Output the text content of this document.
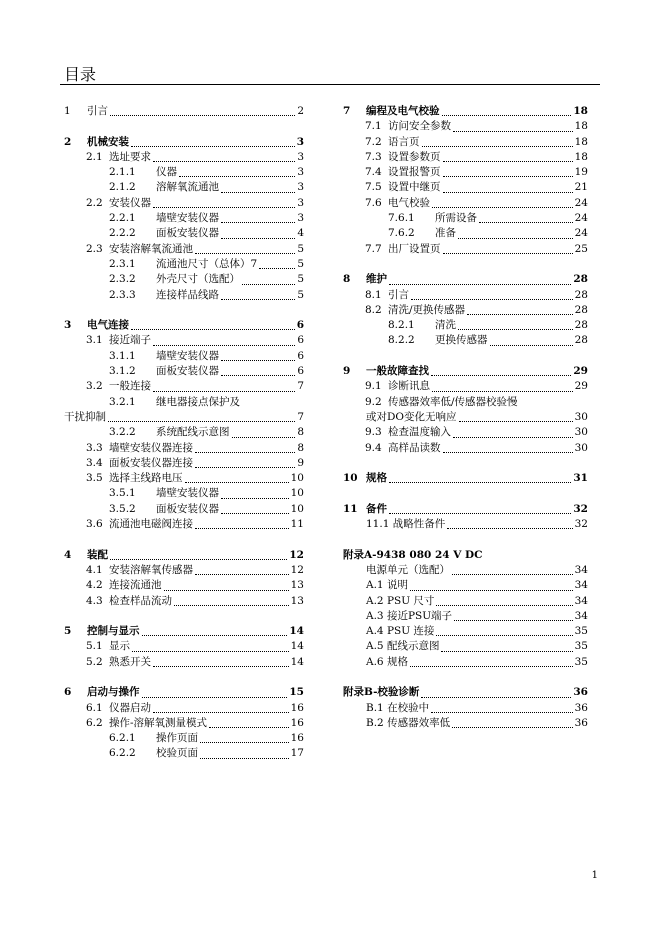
目录
1 引言	2
2 机械安装	3
2.1 选址要求	3
2.1.1 仪器	3
2.1.2 溶解氧流通池	3
2.2 安装仪器	3
2.2.1 墙壁安装仪器	3
2.2.2 面板安装仪器	4
2.3 安装溶解氧流通池	5
2.3.1 流通池尺寸（总体）7	5
2.3.2 外壳尺寸（选配）	5
2.3.3 连接样品线路	5
3 电气连接	6
3.1 接近端子	6
3.1.1 墙壁安装仪器	6
3.1.2 面板安装仪器	6
3.2 一般连接	7
3.2.1 继电器接点保护及
干扰抑制	7
3.2.2 系统配线示意图	8
3.3 墙壁安装仪器连接	8
3.4 面板安装仪器连接	9
3.5 选择主线路电压	10
3.5.1 墙壁安装仪器	10
3.5.2 面板安装仪器	10
3.6 流通池电磁阀连接	11
4 装配	12
4.1 安装溶解氧传感器	12
4.2 连接流通池	13
4.3 检查样品流动	13
5 控制与显示	14
5.1 显示	14
5.2 熟悉开关	14
6 启动与操作	15
6.1 仪器启动	16
6.2 操作-溶解氧测量模式	16
6.2.1 操作页面	16
6.2.2 校验页面	17
7 编程及电气校验	18
7.1 访问安全参数	18
7.2 语言页	18
7.3 设置参数页	18
7.4 设置报警页	19
7.5 设置中继页	21
7.6 电气校验	24
7.6.1 所需设备	24
7.6.2 准备	24
7.7 出厂设置页	25
8 维护	28
8.1 引言	28
8.2 清洗/更换传感器	28
8.2.1 清洗	28
8.2.2 更换传感器	28
9 一般故障查找	29
9.1 诊断讯息	29
9.2 传感器效率低/传感器校验慢
或对DO变化无响应	30
9.3 检查温度输入	30
9.4 高样品读数	30
10 规格	31
11 备件	32
11.1 战略性备件	32
附录A-9438 080 24 V DC
电源单元（选配）	34
A.1 说明	34
A.2 PSU 尺寸	34
A.3 接近PSU端子	34
A.4 PSU 连接	35
A.5 配线示意图	35
A.6 规格	35
附录B-校验诊断	36
B.1 在校验中	36
B.2 传感器效率低	36
1
